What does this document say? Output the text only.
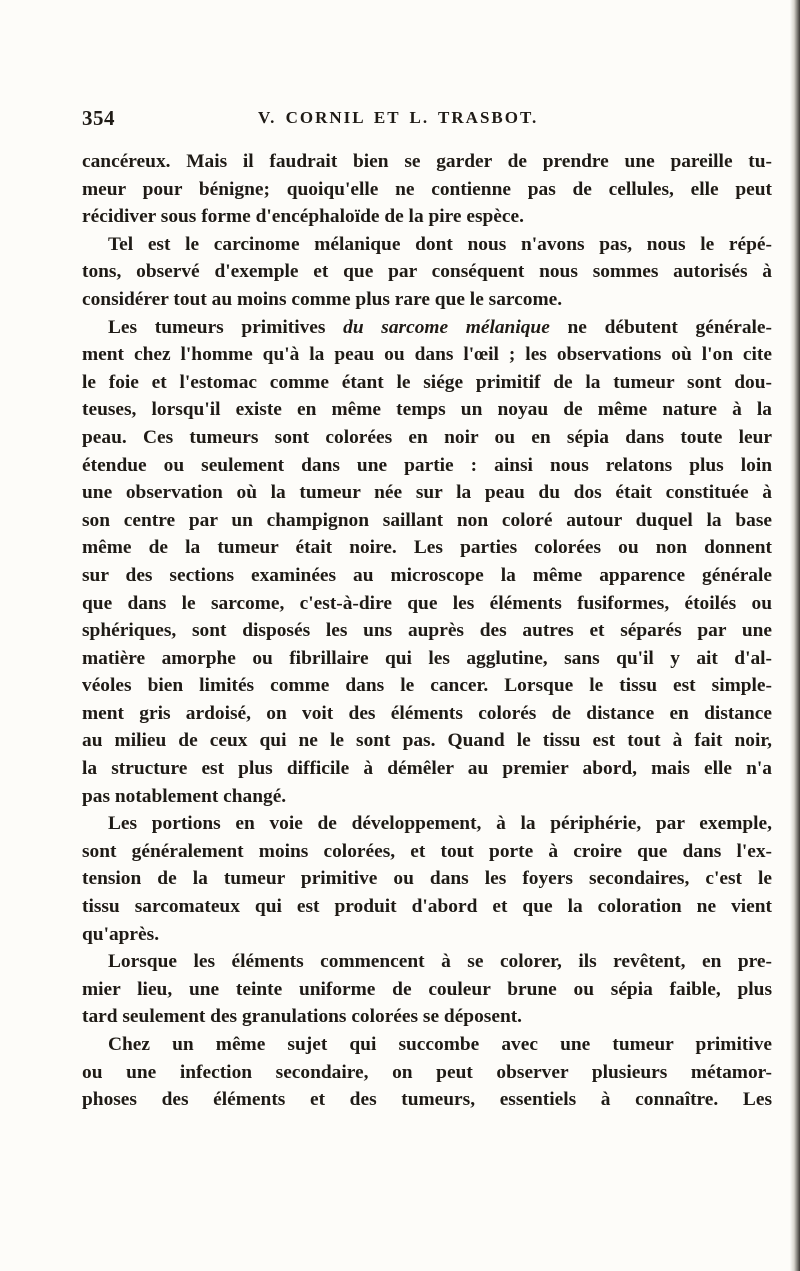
354	V. CORNIL ET L. TRASBOT.
cancéreux. Mais il faudrait bien se garder de prendre une pareille tu-
meur pour bénigne; quoiqu'elle ne contienne pas de cellules, elle peut
récidiver sous forme d'encéphaloïde de la pire espèce.
Tel est le carcinome mélanique dont nous n'avons pas, nous le répé-
tons, observé d'exemple et que par conséquent nous sommes autorisés à
considérer tout au moins comme plus rare que le sarcome.
Les tumeurs primitives du sarcome mélanique ne débutent générale-
ment chez l'homme qu'à la peau ou dans l'œil ; les observations où l'on cite
le foie et l'estomac comme étant le siége primitif de la tumeur sont dou-
teuses, lorsqu'il existe en même temps un noyau de même nature à la
peau. Ces tumeurs sont colorées en noir ou en sépia dans toute leur
étendue ou seulement dans une partie : ainsi nous relatons plus loin
une observation où la tumeur née sur la peau du dos était constituée à
son centre par un champignon saillant non coloré autour duquel la base
même de la tumeur était noire. Les parties colorées ou non donnent
sur des sections examinées au microscope la même apparence générale
que dans le sarcome, c'est-à-dire que les éléments fusiformes, étoilés ou
sphériques, sont disposés les uns auprès des autres et séparés par une
matière amorphe ou fibrillaire qui les agglutine, sans qu'il y ait d'al-
véoles bien limités comme dans le cancer. Lorsque le tissu est simple-
ment gris ardoisé, on voit des éléments colorés de distance en distance
au milieu de ceux qui ne le sont pas. Quand le tissu est tout à fait noir,
la structure est plus difficile à démêler au premier abord, mais elle n'a
pas notablement changé.
Les portions en voie de développement, à la périphérie, par exemple,
sont généralement moins colorées, et tout porte à croire que dans l'ex-
tension de la tumeur primitive ou dans les foyers secondaires, c'est le
tissu sarcomateux qui est produit d'abord et que la coloration ne vient
qu'après.
Lorsque les éléments commencent à se colorer, ils revêtent, en pre-
mier lieu, une teinte uniforme de couleur brune ou sépia faible, plus
tard seulement des granulations colorées se déposent.
Chez un même sujet qui succombe avec une tumeur primitive
ou une infection secondaire, on peut observer plusieurs métamor-
phoses des éléments et des tumeurs, essentiels à connaître. Les
